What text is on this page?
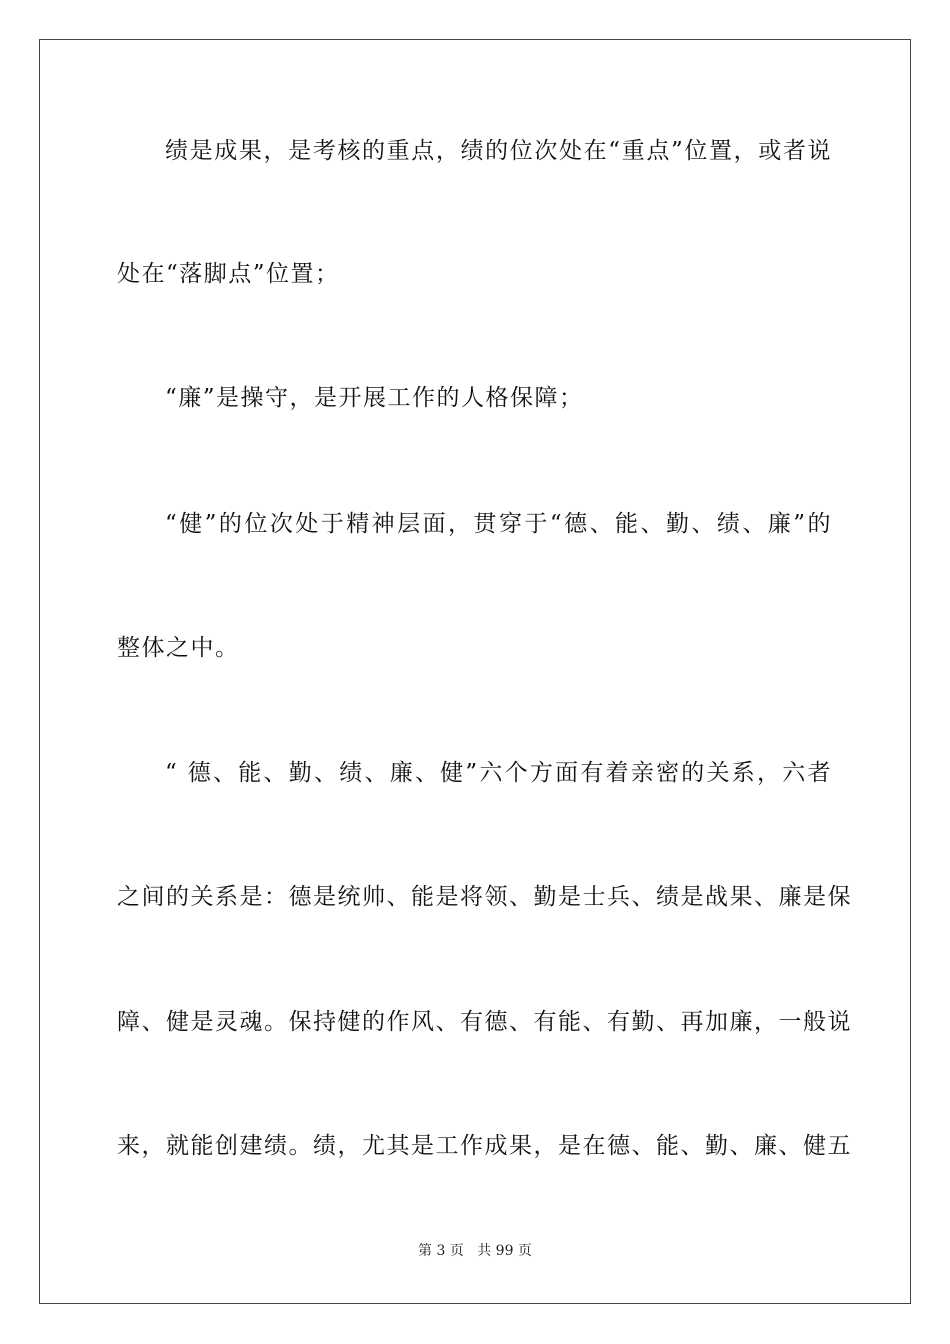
绩是成果，是考核的重点，绩的位次处在“重点”位置，或者说
处在“落脚点”位置；
“廉”是操守，是开展工作的人格保障；
“健”的位次处于精神层面，贯穿于“德、能、勤、绩、廉”的
整体之中。
“ 德、能、勤、绩、廉、健”六个方面有着亲密的关系，六者
之间的关系是：德是统帅、能是将领、勤是士兵、绩是战果、廉是保
障、健是灵魂。保持健的作风、有德、有能、有勤、再加廉，一般说
来，就能创建绩。绩，尤其是工作成果，是在德、能、勤、廉、健五
第 3 页 共 99 页
